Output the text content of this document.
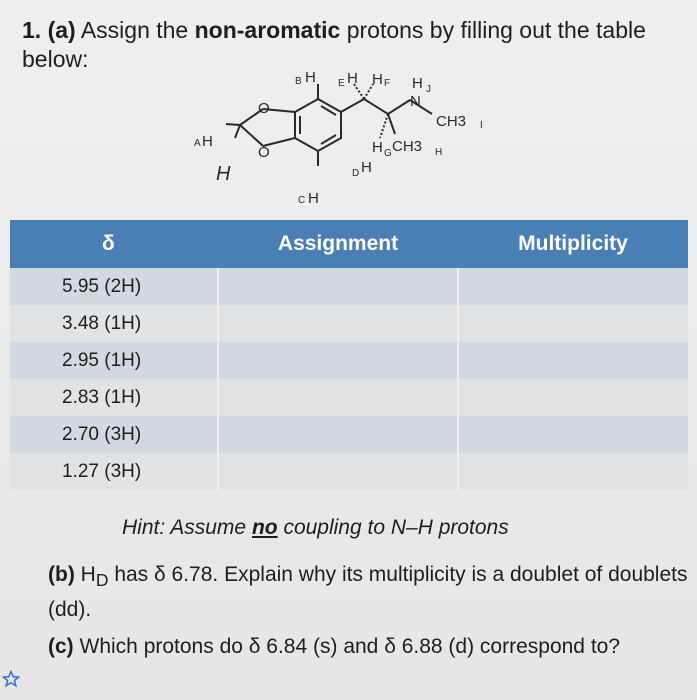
1. (a) Assign the non-aromatic protons by filling out the table below:

O
O
A H
H
B H
C H
E H H F H J
N
CH3 I
H G CH3 H
D H
δ	Assignment	Multiplicity
5.95 (2H)		
3.48 (1H)		
2.95 (1H)		
2.83 (1H)		
2.70 (3H)		
1.27 (3H)		
Hint: Assume no coupling to N–H protons
(b) $H_D$ has δ 6.78. Explain why its multiplicity is a doublet of doublets (dd).
(c) Which protons do δ 6.84 (s) and δ 6.88 (d) correspond to?
